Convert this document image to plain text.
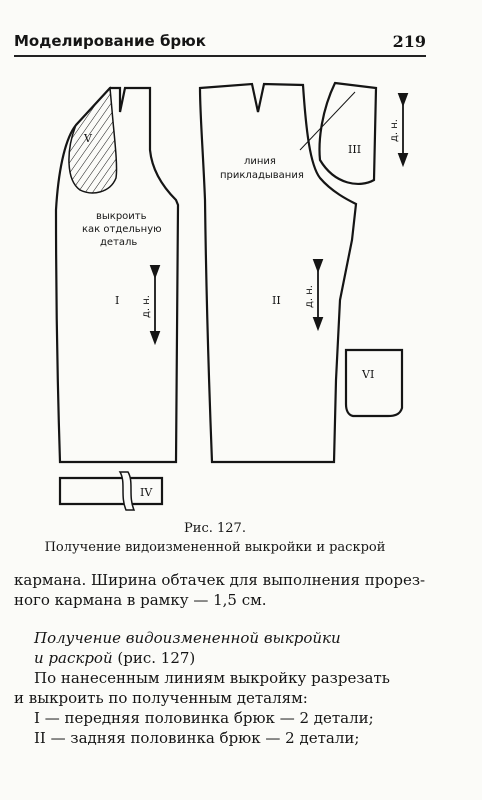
Моделирование брюк	219
V
выкроить
как отдельную
деталь
I д. н.	II д. н.
линия
прикладывания
III
д. н.
VI
IV
Рис. 127.
Получение видоизмененной выкройки и раскрой
кармана. Ширина обтачек для выполнения прорез-
ного кармана в рамку — 1,5 см.
Получение видоизмененной выкройки
и раскрой (рис. 127)
По нанесенным линиям выкройку разрезать
и выкроить по полученным деталям:
I — передняя половинка брюк — 2 детали;
II — задняя половинка брюк — 2 детали;
